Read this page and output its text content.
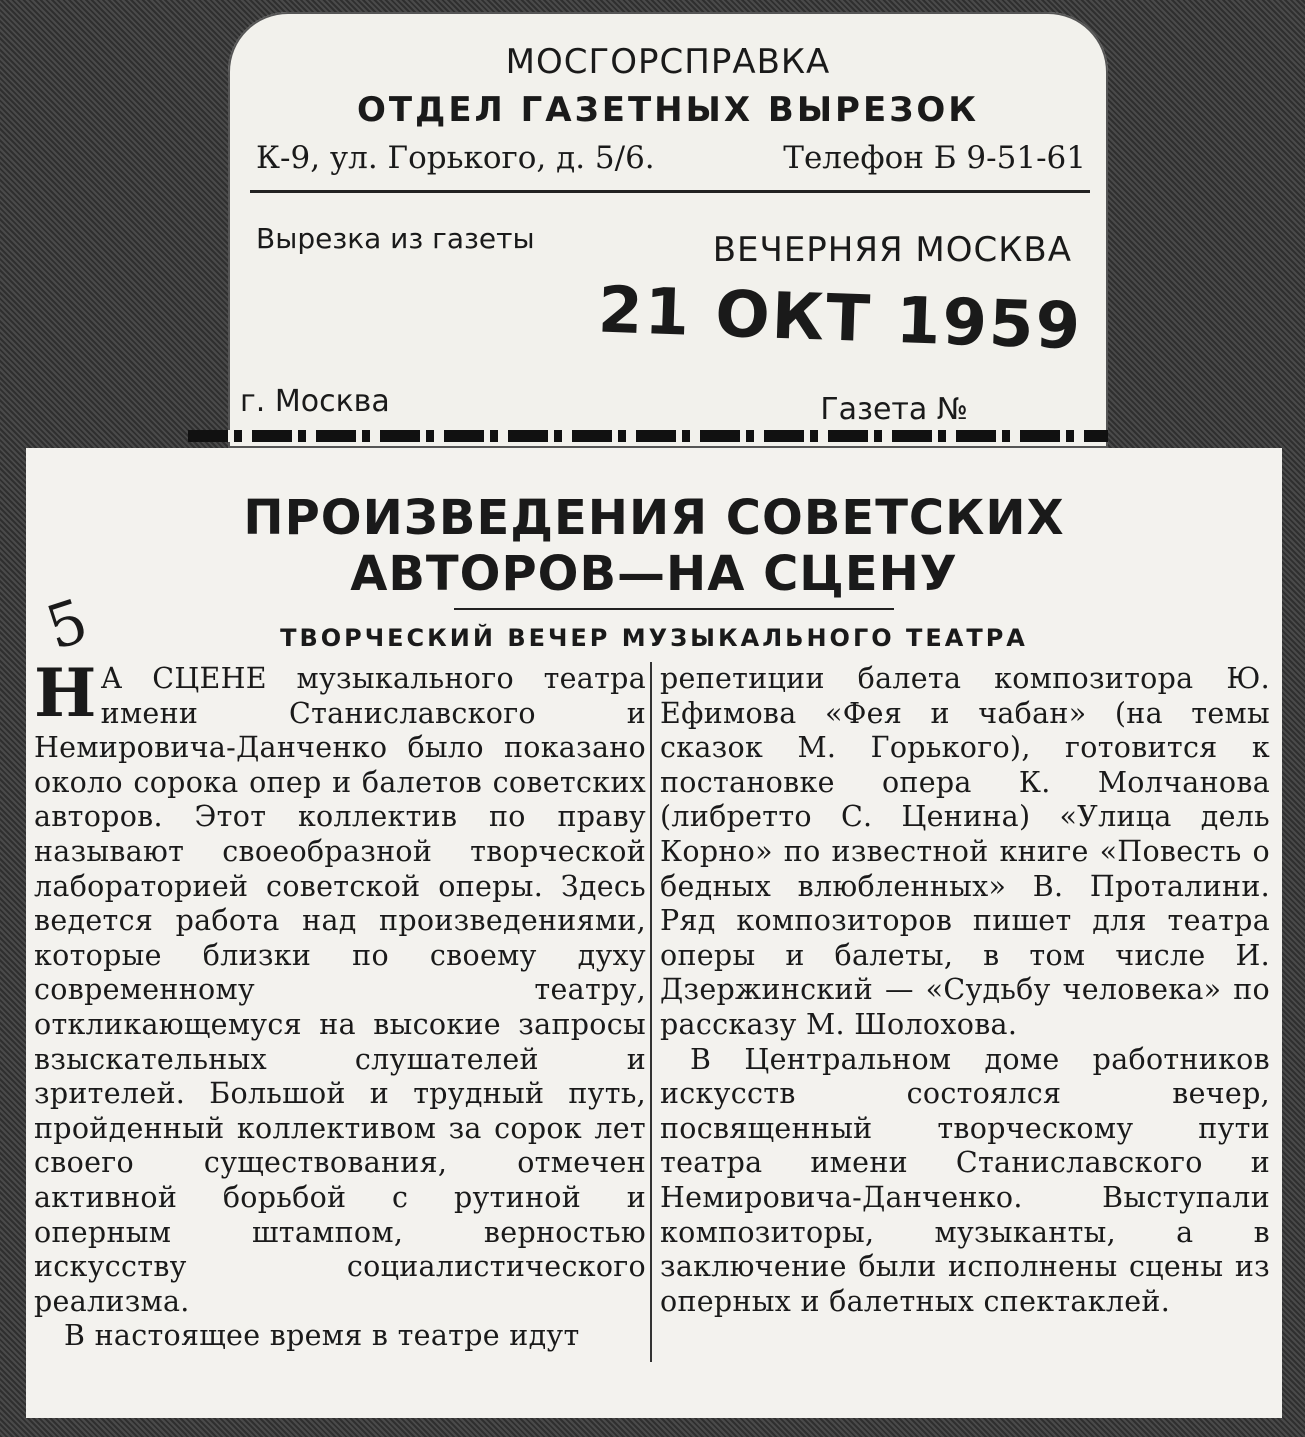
МОСГОРСПРАВКА
ОТДЕЛ ГАЗЕТНЫХ ВЫРЕЗОК
К-9, ул. Горького, д. 5/6.	Телефон Б 9-51-61
Вырезка из газеты	ВЕЧЕРНЯЯ МОСКВА
21 ОКТ 1959
г. Москва	Газета №
5
ПРОИЗВЕДЕНИЯ СОВЕТСКИХ
АВТОРОВ—НА СЦЕНУ
ТВОРЧЕСКИЙ ВЕЧЕР МУЗЫКАЛЬНОГО ТЕАТРА

Н А СЦЕНЕ музыкального театра имени Станиславского и Немировича-Данченко было показано около сорока опер и балетов советских авторов. Этот коллектив по праву называют своеобразной творческой лабораторией советской оперы. Здесь ведется работа над произведениями, которые близки по своему духу современному театру, откликающемуся на высокие запросы взыскательных слушателей и зрителей. Большой и трудный путь, пройденный коллективом за сорок лет своего существования, отмечен активной борьбой с рутиной и оперным штампом, верностью искусству социалистического реализма.

В настоящее время в театре идут

репетиции балета композитора Ю. Ефимова «Фея и чабан» (на темы сказок М. Горького), готовится к постановке опера К. Молчанова (либретто С. Ценина) «Улица дель Корно» по известной книге «Повесть о бедных влюбленных» В. Проталини. Ряд композиторов пишет для театра оперы и балеты, в том числе И. Дзержинский — «Судьбу человека» по рассказу М. Шолохова.

В Центральном доме работников искусств состоялся вечер, посвященный творческому пути театра имени Станиславского и Немировича-Данченко. Выступали композиторы, музыканты, а в заключение были исполнены сцены из оперных и балетных спектаклей.
